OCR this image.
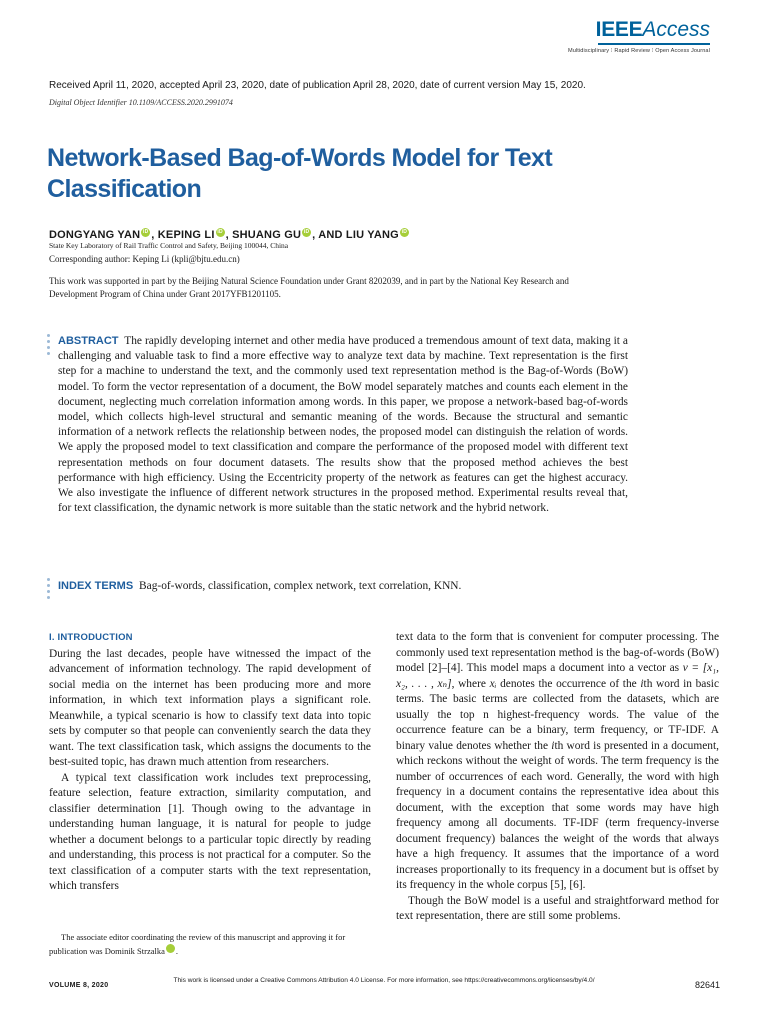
IEEEAccess
Multidisciplinary ⁝ Rapid Review ⁝ Open Access Journal
Received April 11, 2020, accepted April 23, 2020, date of publication April 28, 2020, date of current version May 15, 2020.
Digital Object Identifier 10.1109/ACCESS.2020.2991074
Network-Based Bag-of-Words Model for Text Classification
DONGYANG YAN iD , KEPING LI iD , SHUANG GU iD , AND LIU YANG iD
State Key Laboratory of Rail Traffic Control and Safety, Beijing 100044, China
Corresponding author: Keping Li (kpli@bjtu.edu.cn)
This work was supported in part by the Beijing Natural Science Foundation under Grant 8202039, and in part by the National Key Research and Development Program of China under Grant 2017YFB1201105.
ABSTRACT The rapidly developing internet and other media have produced a tremendous amount of text data, making it a challenging and valuable task to find a more effective way to analyze text data by machine. Text representation is the first step for a machine to understand the text, and the commonly used text representation method is the Bag-of-Words (BoW) model. To form the vector representation of a document, the BoW model separately matches and counts each element in the document, neglecting much correlation information among words. In this paper, we propose a network-based bag-of-words model, which collects high-level structural and semantic meaning of the words. Because the structural and semantic information of a network reflects the relationship between nodes, the proposed model can distinguish the relation of words. We apply the proposed model to text classification and compare the performance of the proposed model with different text representation methods on four document datasets. The results show that the proposed method achieves the best performance with high efficiency. Using the Eccentricity property of the network as features can get the highest accuracy. We also investigate the influence of different network structures in the proposed method. Experimental results reveal that, for text classification, the dynamic network is more suitable than the static network and the hybrid network.
INDEX TERMS Bag-of-words, classification, complex network, text correlation, KNN.
I. INTRODUCTION

During the last decades, people have witnessed the impact of the advancement of information technology. The rapid development of social media on the internet has been producing more and more information, in which text information plays a significant role. Meanwhile, a typical scenario is how to classify text data into topic sets by computer so that people can conveniently search the data they want. The text classification task, which assigns the documents to the best-suited topic, has drawn much attention from researchers.

A typical text classification work includes text preprocessing, feature selection, feature extraction, similarity computation, and classifier determination [1]. Though owing to the advantage in understanding human language, it is natural for people to judge whether a document belongs to a particular topic directly by reading and understanding, this process is not practical for a computer. So the text classification of a computer starts with the text representation, which transfers

text data to the form that is convenient for computer processing. The commonly used text representation method is the bag-of-words (BoW) model [2]–[4]. This model maps a document into a vector as v = [x₁, x₂, . . . , xₙ], where xᵢ denotes the occurrence of the ith word in basic terms. The basic terms are collected from the datasets, which are usually the top n highest-frequency words. The value of the occurrence feature can be a binary, term frequency, or TF-IDF. A binary value denotes whether the ith word is presented in a document, which reckons without the weight of words. The term frequency is the number of occurrences of each word. Generally, the word with high frequency in a document contains the representative idea about this document, with the exception that some words may have high frequency among all documents. TF-IDF (term frequency-inverse document frequency) balances the weight of the words that always have a high frequency. It assumes that the importance of a word increases proportionally to its frequency in a document but is offset by its frequency in the whole corpus [5], [6].

Though the BoW model is a useful and straightforward method for text representation, there are still some problems.

The associate editor coordinating the review of this manuscript and approving it for publication was Dominik Strzalka	iD.
This work is licensed under a Creative Commons Attribution 4.0 License. For more information, see https://creativecommons.org/licenses/by/4.0/
VOLUME 8, 2020	82641
